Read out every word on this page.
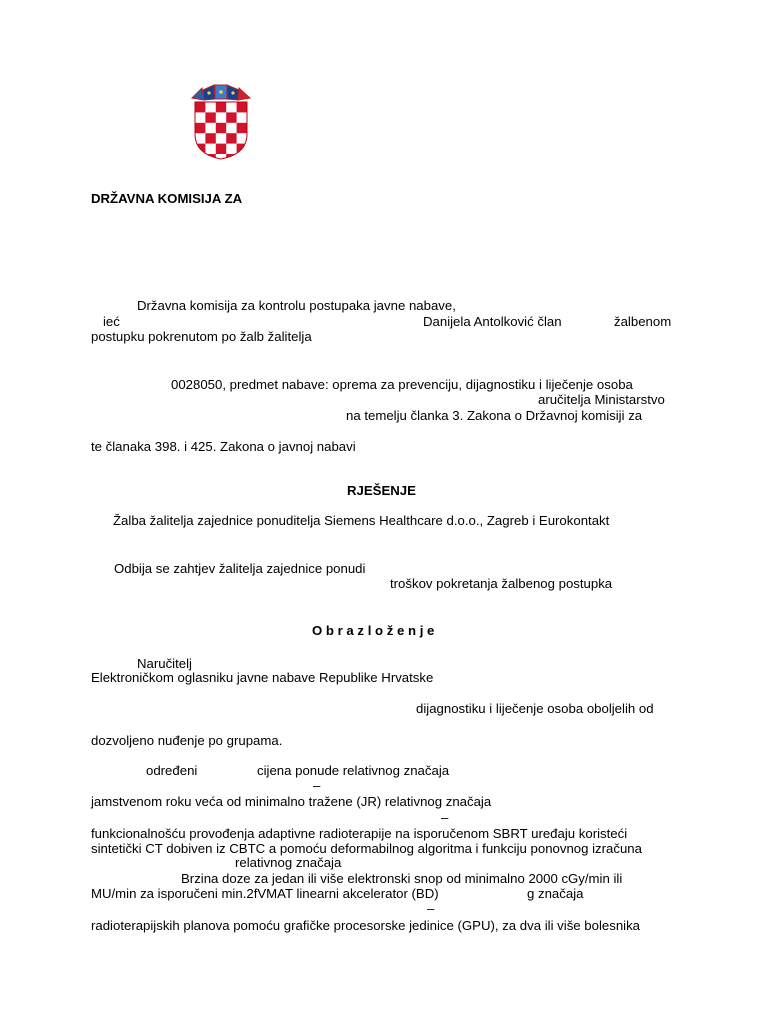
DRŽAVNA KOMISIJA ZA
Državna komisija za kontrolu postupaka javne nabave,
ieć	Danijela Antolković član	žalbenom
postupku pokrenutom po žalb žalitelja
0028050, predmet nabave: oprema za prevenciju, dijagnostiku i liječenje osoba
aručitelja Ministarstvo
na temelju članka 3. Zakona o Državnoj komisiji za
te članaka 398. i 425. Zakona o javnoj nabavi
RJEŠENJE
Žalba žalitelja zajednice ponuditelja Siemens Healthcare d.o.o., Zagreb i Eurokontakt
Odbija se zahtjev žalitelja zajednice ponudi
troškov pokretanja žalbenog postupka
O b r a z l o ž e n j e
Naručitelj
Elektroničkom oglasniku javne nabave Republike Hrvatske
dijagnostiku i liječenje osoba oboljelih od
dozvoljeno nuđenje po grupama.
određeni	cijena ponude relativnog značaja
–
jamstvenom roku veća od minimalno tražene (JR) relativnog značaja
–
funkcionalnošću provođenja adaptivne radioterapije na isporučenom SBRT uređaju koristeći
sintetički CT dobiven iz CBTC a pomoću deformabilnog algoritma i funkciju ponovnog izračuna
relativnog značaja
Brzina doze za jedan ili više elektronski snop od minimalno 2000 cGy/min ili
MU/min za isporučeni min.2fVMAT linearni akcelerator (BD)	g značaja
–
radioterapijskih planova pomoću grafičke procesorske jedinice (GPU), za dva ili više bolesnika
